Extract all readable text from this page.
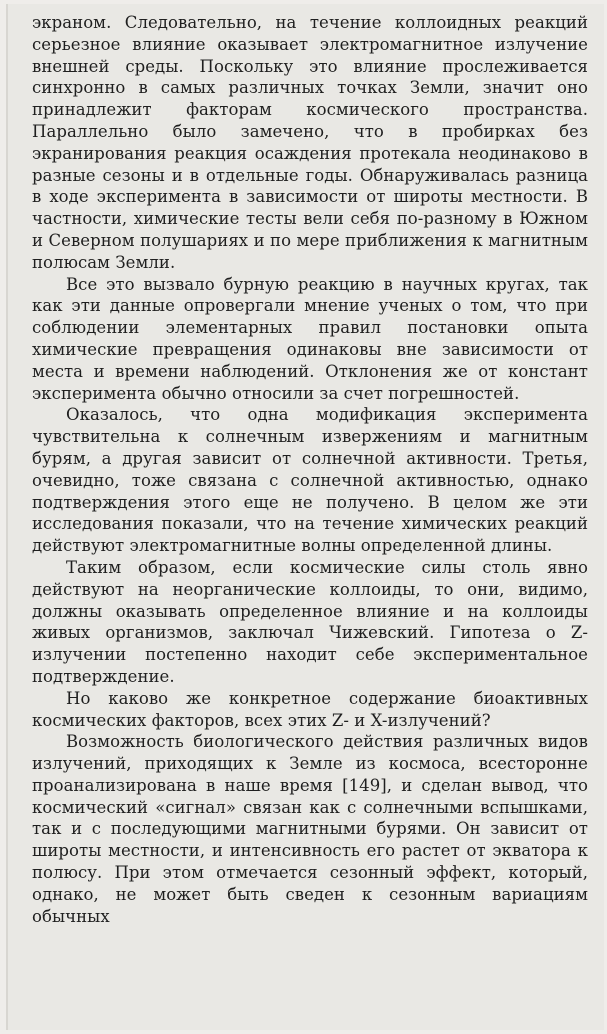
экраном. Следовательно, на течение коллоидных реакций серьезное влияние оказывает электромагнитное излучение внешней среды. Поскольку это влияние прослеживается синхронно в самых различных точках Земли, значит оно принадлежит факторам космического пространства. Параллельно было замечено, что в пробирках без экранирования реакция осаждения протекала неодинаково в разные сезоны и в отдельные годы. Обнаруживалась разница в ходе эксперимента в зависимости от широты местности. В частности, химические тесты вели себя по-разному в Южном и Северном полушариях и по мере приближения к магнитным полюсам Земли.

Все это вызвало бурную реакцию в научных кругах, так как эти данные опровергали мнение ученых о том, что при соблюдении элементарных правил постановки опыта химические превращения одинаковы вне зависимости от места и времени наблюдений. Отклонения же от констант эксперимента обычно относили за счет погрешностей.

Оказалось, что одна модификация эксперимента чувствительна к солнечным извержениям и магнитным бурям, а другая зависит от солнечной активности. Третья, очевидно, тоже связана с солнечной активностью, однако подтверждения этого еще не получено. В целом же эти исследования показали, что на течение химических реакций действуют электромагнитные волны определенной длины.

Таким образом, если космические силы столь явно действуют на неорганические коллоиды, то они, видимо, должны оказывать определенное влияние и на коллоиды живых организмов, заключал Чижевский. Гипотеза о Z-излучении постепенно находит себе экспериментальное подтверждение.

Но каково же конкретное содержание биоактивных космических факторов, всех этих Z- и X-излучений?

Возможность биологического действия различных видов излучений, приходящих к Земле из космоса, всесторонне проанализирована в наше время [149], и сделан вывод, что космический «сигнал» связан как с солнечными вспышками, так и с последующими магнитными бурями. Он зависит от широты местности, и интенсивность его растет от экватора к полюсу. При этом отмечается сезонный эффект, который, однако, не может быть сведен к сезонным вариациям обычных
